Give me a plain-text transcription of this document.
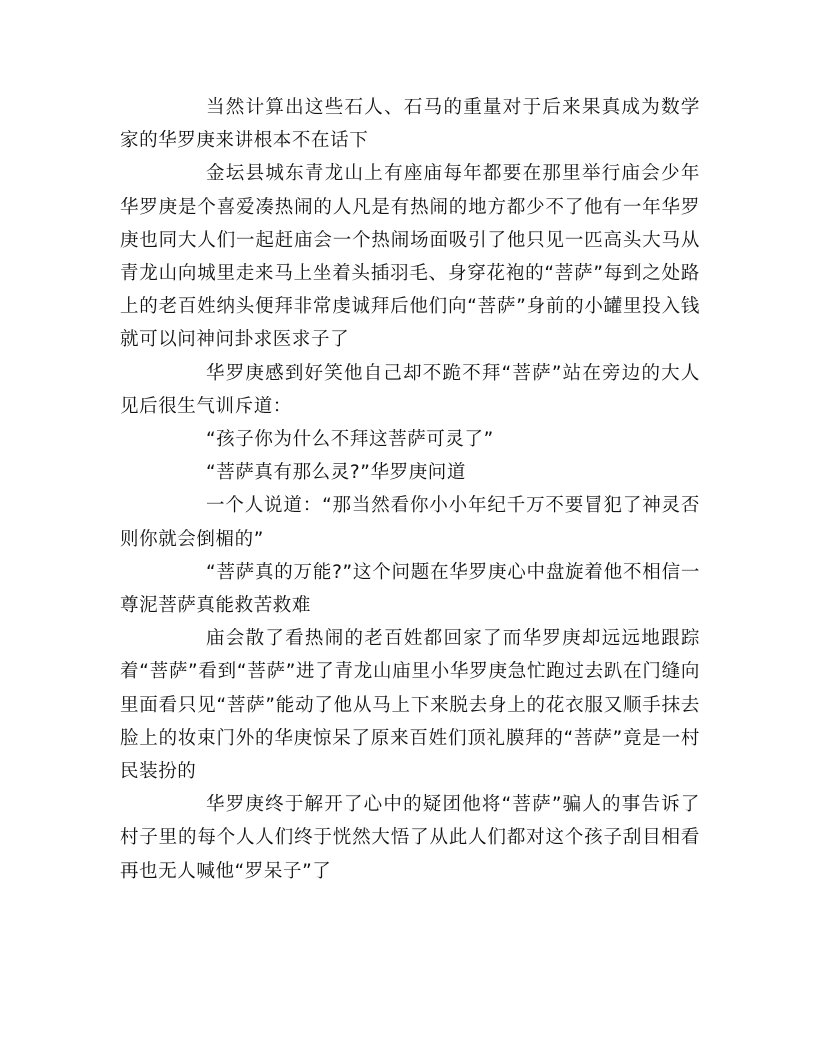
当然计算出这些石人、石马的重量对于后来果真成为数学家的华罗庚来讲根本不在话下

金坛县城东青龙山上有座庙每年都要在那里举行庙会少年华罗庚是个喜爱凑热闹的人凡是有热闹的地方都少不了他有一年华罗庚也同大人们一起赶庙会一个热闹场面吸引了他只见一匹高头大马从青龙山向城里走来马上坐着头插羽毛、身穿花袍的“菩萨”每到之处路上的老百姓纳头便拜非常虔诚拜后他们向“菩萨”身前的小罐里投入钱就可以问神问卦求医求子了

华罗庚感到好笑他自己却不跪不拜“菩萨”站在旁边的大人见后很生气训斥道：

“孩子你为什么不拜这菩萨可灵了”

“菩萨真有那么灵?”华罗庚问道

一个人说道：“那当然看你小小年纪千万不要冒犯了神灵否则你就会倒楣的”

“菩萨真的万能?”这个问题在华罗庚心中盘旋着他不相信一尊泥菩萨真能救苦救难

庙会散了看热闹的老百姓都回家了而华罗庚却远远地跟踪着“菩萨”看到“菩萨”进了青龙山庙里小华罗庚急忙跑过去趴在门缝向里面看只见“菩萨”能动了他从马上下来脱去身上的花衣服又顺手抹去脸上的妆束门外的华庚惊呆了原来百姓们顶礼膜拜的“菩萨”竟是一村民装扮的

华罗庚终于解开了心中的疑团他将“菩萨”骗人的事告诉了村子里的每个人人们终于恍然大悟了从此人们都对这个孩子刮目相看再也无人喊他“罗呆子”了
